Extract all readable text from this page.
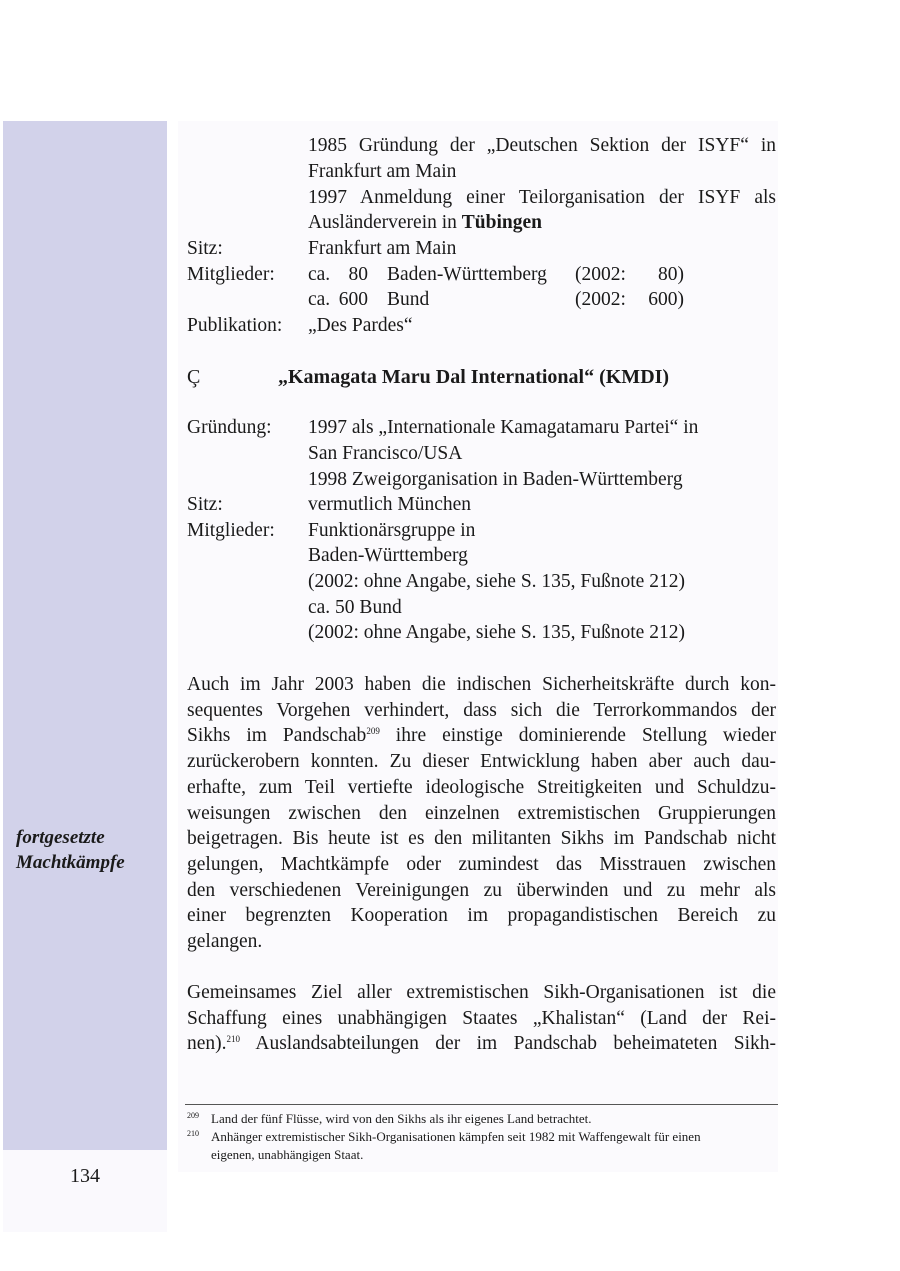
fortgesetzte
Machtkämpfe
134
1985 Gründung der „Deutschen Sektion der ISYF“ in
Frankfurt am Main
1997 Anmeldung einer Teilorganisation der ISYF als
Ausländerverein in Tübingen
Sitz:	Frankfurt am Main
Mitglieder: ca. 80 Baden-Württemberg (2002:	80)
ca. 600 Bund	(2002:	600)
Publikation: „Des Pardes“
Ç	„Kamagata Maru Dal International“ (KMDI)
Gründung: 1997 als „Internationale Kamagatamaru Partei“ in
San Francisco/USA
1998 Zweigorganisation in Baden-Württemberg
Sitz:	vermutlich München
Mitglieder: Funktionärsgruppe in
Baden-Württemberg
(2002: ohne Angabe, siehe S. 135, Fußnote 212)
ca. 50 Bund
(2002: ohne Angabe, siehe S. 135, Fußnote 212)
Auch im Jahr 2003 haben die indischen Sicherheitskräfte durch kon-
sequentes Vorgehen verhindert, dass sich die Terrorkommandos der
Sikhs im Pandschab$^{209}$ ihre einstige dominierende Stellung wieder
zurückerobern konnten. Zu dieser Entwicklung haben aber auch dau-
erhafte, zum Teil vertiefte ideologische Streitigkeiten und Schuldzu-
weisungen zwischen den einzelnen extremistischen Gruppierungen
beigetragen. Bis heute ist es den militanten Sikhs im Pandschab nicht
gelungen, Machtkämpfe oder zumindest das Misstrauen zwischen
den verschiedenen Vereinigungen zu überwinden und zu mehr als
einer begrenzten Kooperation im propagandistischen Bereich zu
gelangen.
Gemeinsames Ziel aller extremistischen Sikh-Organisationen ist die
Schaffung eines unabhängigen Staates „Khalistan“ (Land der Rei-
nen).$^{210}$ Auslandsabteilungen der im Pandschab beheimateten Sikh-
209 Land der fünf Flüsse, wird von den Sikhs als ihr eigenes Land betrachtet.
210 Anhänger extremistischer Sikh-Organisationen kämpfen seit 1982 mit Waffengewalt für einen
eigenen, unabhängigen Staat.
